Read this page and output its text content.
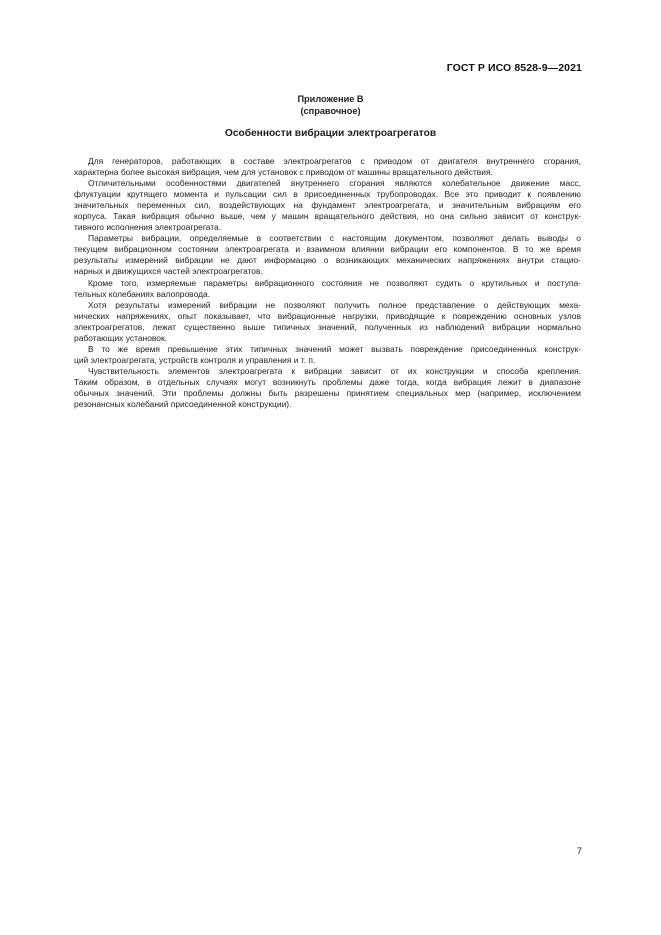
ГОСТ Р ИСО 8528-9—2021
Приложение В
(справочное)
Особенности вибрации электроагрегатов
Для генераторов, работающих в составе электроагрегатов с приводом от двигателя внутреннего сгорания,
характерна более высокая вибрация, чем для установок с приводом от машины вращательного действия.
Отличительными особенностями двигателей внутреннего сгорания являются колебательное движение масс,
флуктуации крутящего момента и пульсации сил в присоединенных трубопроводах. Все это приводит к появлению
значительных переменных сил, воздействующих на фундамент электроагрегата, и значительным вибрациям его
корпуса. Такая вибрация обычно выше, чем у машин вращательного действия, но она сильно зависит от конструк-
тивного исполнения электроагрегата.
Параметры вибрации, определяемые в соответствии с настоящим документом, позволяют делать выводы о
текущем вибрационном состоянии электроагрегата и взаимном влиянии вибрации его компонентов. В то же время
результаты измерений вибрации не дают информацию о возникающих механических напряжениях внутри стацио-
нарных и движущихся частей электроагрегатов.
Кроме того, измеряемые параметры вибрационного состояния не позволяют судить о крутильных и поступа-
тельных колебаниях валопровода.
Хотя результаты измерений вибрации не позволяют получить полное представление о действующих меха-
нических напряжениях, опыт показывает, что вибрационные нагрузки, приводящие к повреждению основных узлов
электроагрегатов, лежат существенно выше типичных значений, полученных из наблюдений вибрации нормально
работающих установок.
В то же время превышение этих типичных значений может вызвать повреждение присоединенных конструк-
ций электроагрегата, устройств контроля и управления и т. п.
Чувствительность элементов электроагрегата к вибрации зависит от их конструкции и способа крепления.
Таким образом, в отдельных случаях могут возникнуть проблемы даже тогда, когда вибрация лежит в диапазоне
обычных значений. Эти проблемы должны быть разрешены принятием специальных мер (например, исключением
резонансных колебаний присоединенной конструкции).
7
